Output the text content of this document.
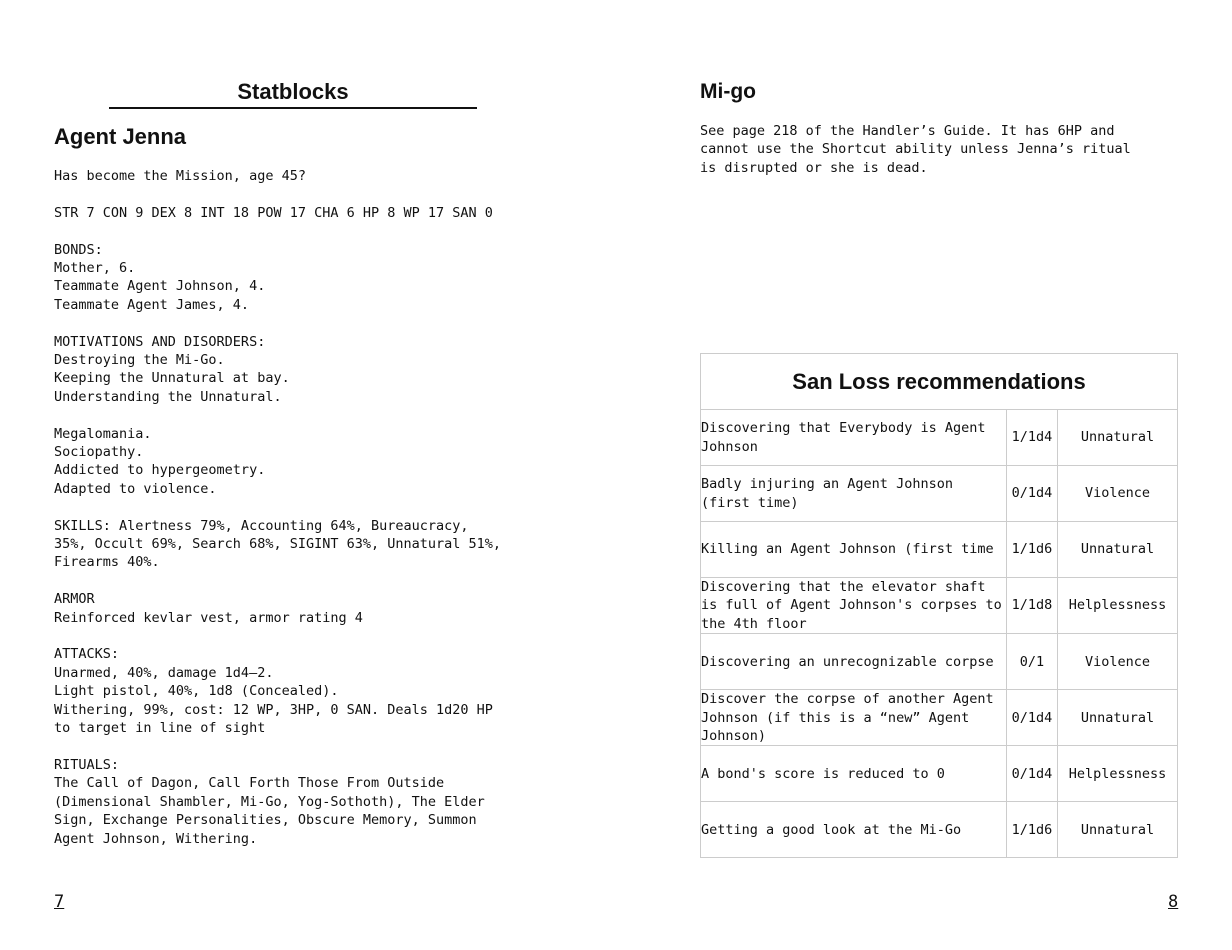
Statblocks
Agent Jenna
Has become the Mission, age 45?
STR 7 CON 9 DEX 8 INT 18 POW 17 CHA 6 HP 8 WP 17 SAN 0
BONDS:
Mother, 6.
Teammate Agent Johnson, 4.
Teammate Agent James, 4.
MOTIVATIONS AND DISORDERS:
Destroying the Mi-Go.
Keeping the Unnatural at bay.
Understanding the Unnatural.
Megalomania.
Sociopathy.
Addicted to hypergeometry.
Adapted to violence.
SKILLS: Alertness 79%, Accounting 64%, Bureaucracy,
35%, Occult 69%, Search 68%, SIGINT 63%, Unnatural 51%,
Firearms 40%.
ARMOR
Reinforced kevlar vest, armor rating 4
ATTACKS:
Unarmed, 40%, damage 1d4–2.
Light pistol, 40%, 1d8 (Concealed).
Withering, 99%, cost: 12 WP, 3HP, 0 SAN. Deals 1d20 HP
to target in line of sight
RITUALS:
The Call of Dagon, Call Forth Those From Outside
(Dimensional Shambler, Mi-Go, Yog-Sothoth), The Elder
Sign, Exchange Personalities, Obscure Memory, Summon
Agent Johnson, Withering.
7
Mi-go
See page 218 of the Handler’s Guide. It has 6HP and
cannot use the Shortcut ability unless Jenna’s ritual
is disrupted or she is dead.
San Loss recommendations		
Discovering that Everybody is Agent Johnson	1/1d4	Unnatural
Badly injuring an Agent Johnson (first time)	0/1d4	Violence
Killing an Agent Johnson (first time	1/1d6	Unnatural
Discovering that the elevator shaft is full of Agent Johnson's corpses to the 4th floor	1/1d8	Helplessness
Discovering an unrecognizable corpse	0/1	Violence
Discover the corpse of another Agent Johnson (if this is a “new” Agent Johnson)	0/1d4	Unnatural
A bond's score is reduced to 0	0/1d4	Helplessness
Getting a good look at the Mi-Go	1/1d6	Unnatural
8
